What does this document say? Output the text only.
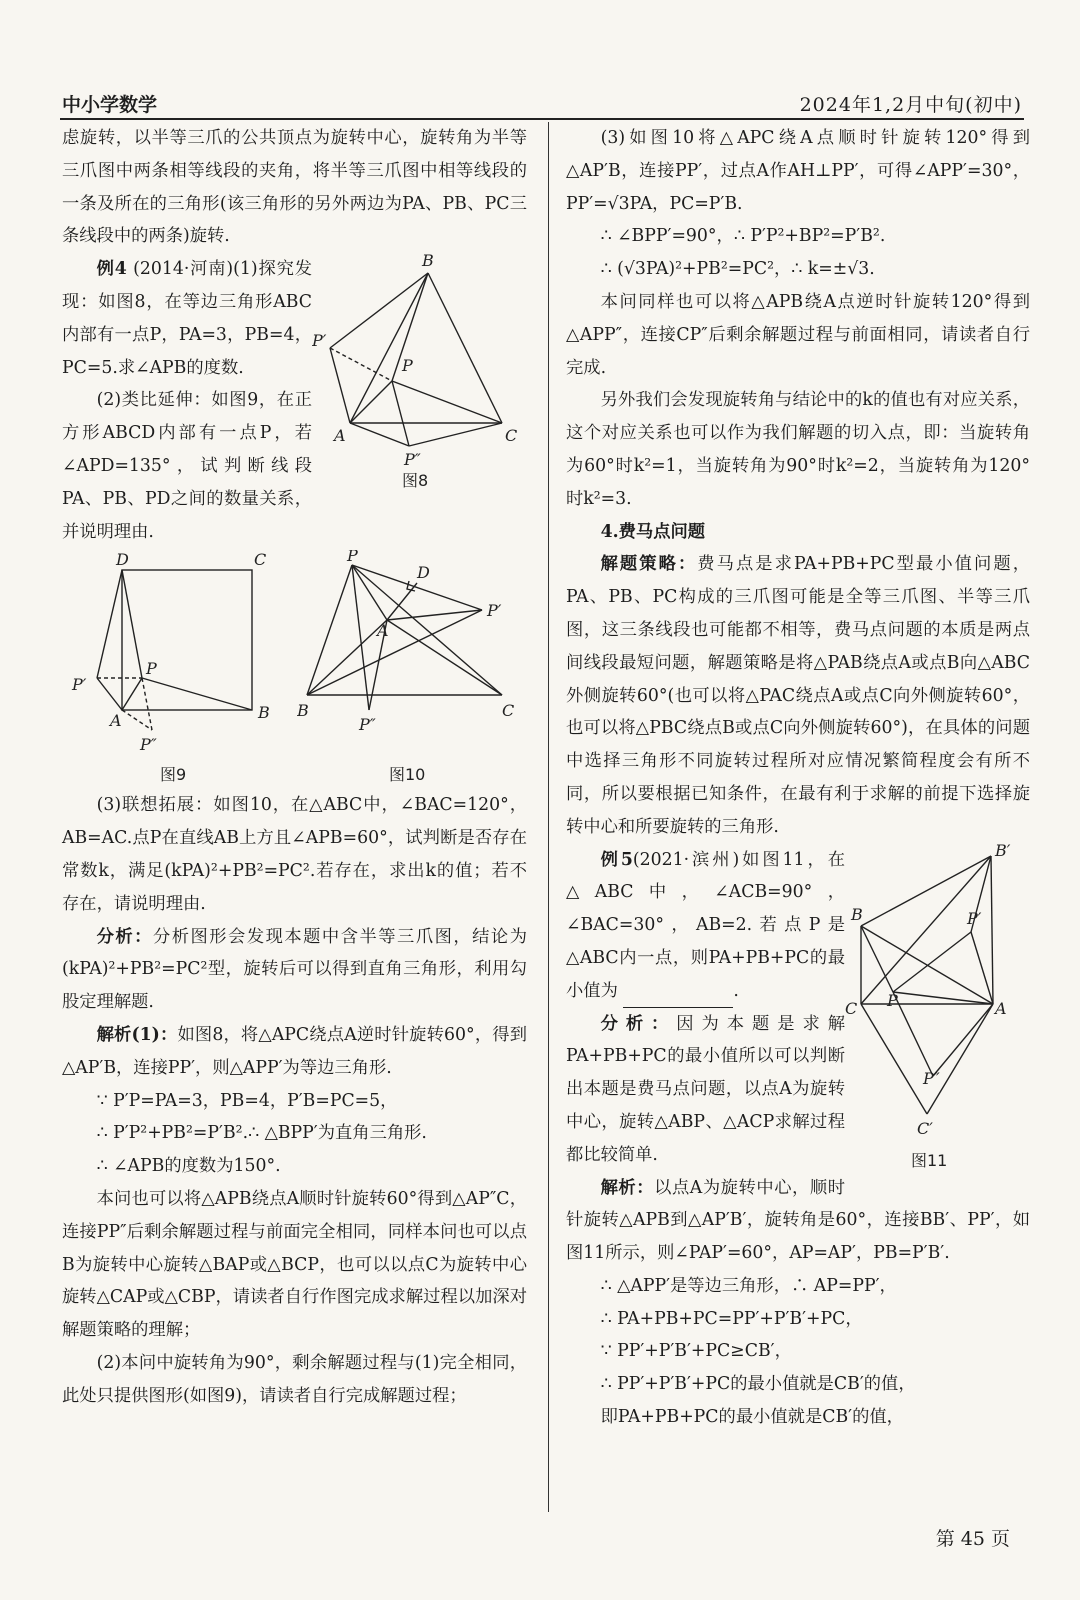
中小学数学	2024年1,2月中旬(初中)

虑旋转，以半等三爪的公共顶点为旋转中心，旋转角为半等三爪图中两条相等线段的夹角，将半等三爪图中相等线段的一条及所在的三角形(该三角形的另外两边为PA、PB、PC三条线段中的两条)旋转.

B
P′
P
A	C
P″
图8

例4 (2014·河南)(1)探究发现：如图8，在等边三角形ABC内部有一点P，PA=3，PB=4，PC=5.求∠APB的度数.

(2)类比延伸：如图9，在正方形ABCD内部有一点P，若∠APD=135°，试判断线段PA、PB、PD之间的数量关系，并说明理由.

D	C
P
P′
A	B
P″
图9
P
D
P′
A
B	C
P″
图10

(3)联想拓展：如图10，在△ABC中，∠BAC=120°，AB=AC.点P在直线AB上方且∠APB=60°，试判断是否存在常数k，满足(kPA)²+PB²=PC².若存在，求出k的值；若不存在，请说明理由.

分析：分析图形会发现本题中含半等三爪图，结论为(kPA)²+PB²=PC²型，旋转后可以得到直角三角形，利用勾股定理解题.

解析(1)：如图8，将△APC绕点A逆时针旋转60°，得到△AP′B，连接PP′，则△APP′为等边三角形.

∵ P′P=PA=3，PB=4，P′B=PC=5，

∴ P′P²+PB²=P′B².∴ △BPP′为直角三角形.

∴ ∠APB的度数为150°.

本问也可以将△APB绕点A顺时针旋转60°得到△AP″C，连接PP″后剩余解题过程与前面完全相同，同样本问也可以点B为旋转中心旋转△BAP或△BCP，也可以以点C为旋转中心旋转△CAP或△CBP，请读者自行作图完成求解过程以加深对解题策略的理解；

(2)本问中旋转角为90°，剩余解题过程与(1)完全相同，此处只提供图形(如图9)，请读者自行完成解题过程；

(3)如图10将△APC绕A点顺时针旋转120°得到△AP′B，连接PP′，过点A作AH⊥PP′，可得∠APP′=30°，PP′=√3PA，PC=P′B.

∴ ∠BPP′=90°，∴ P′P²+BP²=P′B².

∴ (√3PA)²+PB²=PC²，∴ k=±√3.

本问同样也可以将△APB绕A点逆时针旋转120°得到△APP″，连接CP″后剩余解题过程与前面相同，请读者自行完成.

另外我们会发现旋转角与结论中的k的值也有对应关系，这个对应关系也可以作为我们解题的切入点，即：当旋转角为60°时k²=1，当旋转角为90°时k²=2，当旋转角为120°时k²=3.

4.费马点问题

解题策略：费马点是求PA+PB+PC型最小值问题，PA、PB、PC构成的三爪图可能是全等三爪图、半等三爪图，这三条线段也可能都不相等，费马点问题的本质是两点间线段最短问题，解题策略是将△PAB绕点A或点B向△ABC外侧旋转60°(也可以将△PAC绕点A或点C向外侧旋转60°，也可以将△PBC绕点B或点C向外侧旋转60°)，在具体的问题中选择三角形不同旋转过程所对应情况繁简程度会有所不同，所以要根据已知条件，在最有利于求解的前提下选择旋转中心和所要旋转的三角形.

B′
B	P′
C P	A
P″
C′
图11

例5(2021·滨州)如图11，在△ABC中，∠ACB=90°，∠BAC=30°，AB=2.若点P是△ABC内一点，则PA+PB+PC的最小值为	.

分析：因为本题是求解PA+PB+PC的最小值所以可以判断出本题是费马点问题，以点A为旋转中心，旋转△ABP、△ACP求解过程都比较简单.

解析：以点A为旋转中心，顺时针旋转△APB到△AP′B′，旋转角是60°，连接BB′、PP′，如图11所示，则∠PAP′=60°，AP=AP′，PB=P′B′.

∴ △APP′是等边三角形，∴ AP=PP′，

∴ PA+PB+PC=PP′+P′B′+PC，

∵ PP′+P′B′+PC≥CB′，

∴ PP′+P′B′+PC的最小值就是CB′的值，

即PA+PB+PC的最小值就是CB′的值，

第 45 页
